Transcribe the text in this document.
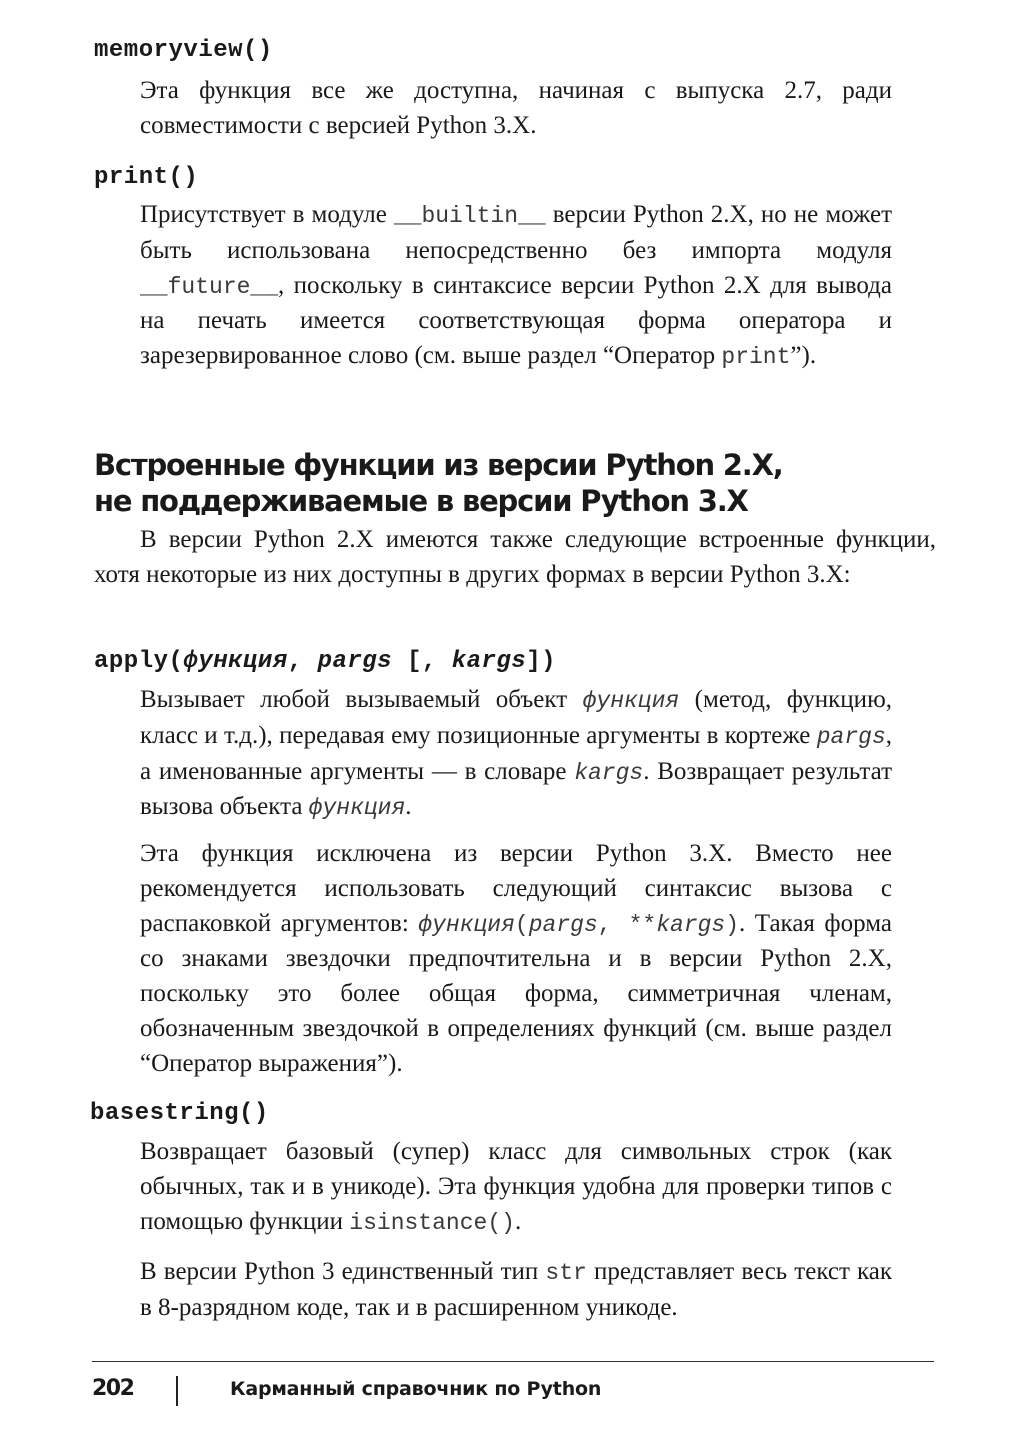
memoryview()

Эта функция все же доступна, начиная с выпуска 2.7, ради совместимости с версией Python 3.X.

print()

Присутствует в модуле __builtin__ версии Python 2.X, но не может быть использована непосредственно без импорта модуля __future__, поскольку в синтаксисе версии Python 2.X для вывода на печать имеется соответствующая форма оператора и зарезервированное слово (см. выше раздел “Оператор print”).

Встроенные функции из версии Python 2.X,
не поддерживаемые в версии Python 3.X

В версии Python 2.X имеются также следующие встроенные функции, хотя некоторые из них доступны в других формах в версии Python 3.X:

apply(функция, pargs [, kargs])

Вызывает любой вызываемый объект функция (метод, функцию, класс и т.д.), передавая ему позиционные аргументы в кортеже pargs, а именованные аргументы — в словаре kargs. Возвращает результат вызова объекта функция.

Эта функция исключена из версии Python 3.X. Вместо нее рекомендуется использовать следующий синтаксис вызова с распаковкой аргументов: функция(pargs, **kargs). Такая форма со знаками звездочки предпочтительна и в версии Python 2.X, поскольку это более общая форма, симметричная членам, обозначенным звездочкой в определениях функций (см. выше раздел “Оператор выражения”).

basestring()

Возвращает базовый (супер) класс для символьных строк (как обычных, так и в уникоде). Эта функция удобна для проверки типов с помощью функции isinstance().

В версии Python 3 единственный тип str представляет весь текст как в 8-разрядном коде, так и в расширенном уникоде.

202	Карманный справочник по Python
